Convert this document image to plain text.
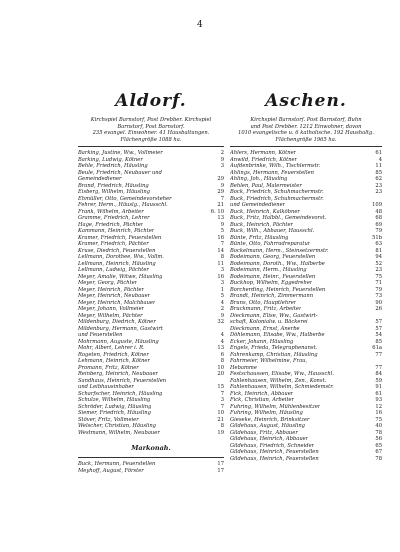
4
Aldorf.
Kirchspiel Barnstorf, Post Drebber. Kirchspiel Barnstorf, Post Barnstorf.
235 evangel. Einwohner. 41 Hausbaltungen.
Flächengröße 1088 ha.
Barking, Justine, Ww., Vollmeier	2
Barking, Ludwig, Kötner	9
Behle, Friedrich, Häusling	3
Beule, Friedrich, Neubauer und
Gemeindediener	29
Brand, Friedrich, Häusling	9
Eisberg, Wilhelm, Häusling	29
Ehmüller, Otto, Gemeindevorsteher	7
Fehrer, Herm., Häuslg., Hausschl.	21
Frank, Wilhelm, Arbeiter	6. 10
Gramme, Friedrich, Lehrer	13
Hage, Friedrich, Pächter	9
Kammann, Heinrich, Pächter	5
Kramer, Friedrich, Feuerstellen	16
Kramer, Friedrich, Pächter	7
Kruse, Diedrich, Feuerstellen	14
Lellmann, Dorothee, Ww., Vollm.	8
Lellmann, Heinrich, Häusling	11
Lellmann, Ludwig, Pächter	3
Meyer, Amalie, Witwe, Häusling	16
Meyer, Georg, Pächter	3
Meyer, Heinrich, Pächter	1
Meyer, Heinrich, Neubauer	5
Meyer, Heinrich, Malchbauer	4
Meyer, Johann, Vollmeier	2
Meyer, Wilhelm, Pächter	9
Mildenburg, Diedrich, Kötner	32
Mildenburg, Hermann, Gastwirt
und Feuerstellen	4
Mohrmann, Auguste, Häusling	4
Mohr, Albert, Lehrer i. R.	13
Rogeten, Friedrich, Kötner	6
Lehmann, Heinrich, Kötner	8
Promann, Fritz, Kötner	10
Reinberg, Heinrich, Neubauer	20
Sandhaus, Heinrich, Feuerstellen
und Leibhausinhaber	15
Scharfscher, Heinrich, Häusling	7
Schulze, Wilhelm, Häusling	3
Schröder, Ludwig, Häusling	7
Siemer, Friedrich, Häusling	10
Stöver, Fritz, Vollmeier	21
Welscher, Christian, Häusling	8
Westmann, Wilhelm, Neubauer	19
Markonah.
Buck, Hermann, Feuerstellen	17
Meyhoff, August, Förster	17
Aschen.
Kirchspiel Barnstorf. Post Barnstorf, Buhn
und Post Drebber. 1212 Einwohner, davon
1010 evangelische u. 6 katholische. 192 Haushaltg.
Flächengröße 1965 ha.
Ahlers, Hermann, Kötner	61
Anwild, Friedrich, Kötner	4
Aufdenbrinke, Wilh., Tischlermstr.	11
Ahlings, Hermann, Feuerstellen	85
Ahling, Joh., Häusling	62
Behlen, Paul, Malermeister	23
Bock, Friedrich, Schuhmachermstr.	23
Buck, Friedrich, Schuhmachermstr.
und Gemeindediener	109
Buck, Heinrich, Kalköbner	48
Buck, Fritz, Halbbl., Gemeindevorst.	68
Buck, Heinrich, Pächter	69
Buck, Wilh., Abbauer, Hausschl.	79
Bünte, Fritz, Häusling	51b
Bünte, Otto, Fahrradreparatur	63
Bockelmann, Herm., Steinsetzermstr.	81
Bodeimann, Georg, Feuerstellen	94
Bodeimann, Doroth., Ww., Halberbe	52
Bodeimann, Herm., Häusling	23
Bodeimann, Heinr., Feuerstellen	75
Buckhop, Wilhelm, Eggedreher	71
Borcherding, Heinrich, Feuerstellen	79
Brandt, Heinrich, Zimmermann	73
Bruns, Otto, Hauptlehrer	90
Bruckmann, Fritz, Arbeiter	26
Dieckmann, Elise, Ww., Gastwirt-
schaft, Kolonialw. u. Bäckerei	57
Dieckmann, Ernst, Anerbe	57
Döhlemann, Elisabe, Ww., Halberbe	54
Ecker, Johann, Häusling	85
Engels, Frieda, Telegraphenanst.	61a
Fahrenkamp, Christian, Häusling	77
Fahrmeier, Wilhelmine, Frau,
Hebamme	77
Festschaussen, Elisabe, Ww., Hausschl.	84
Fahlenhausen, Wilhelm, Zen., Konst.	59
Fahlenhausen, Wilhelm, Schmiedemstr.	91
Fick, Heinrich, Abbauer	61
Fick, Christian, Arbeiter	93
Fuhring, Wilhelm, Mühlenbesitzer	12
Fuhring, Wilhelm, Häusling	16
Gieseke, Heinrich, Brinksitzer	75
Gildehaus, August, Häusling	40
Gildehaus, Fritz, Abbauer	78
Gildehaus, Heinrich, Abbauer	56
Gildehaus, Friedrich, Schneider	65
Gildehaus, Heinrich, Feuerstellen	67
Gildehaus, Heinrich, Feuerstellen	78
